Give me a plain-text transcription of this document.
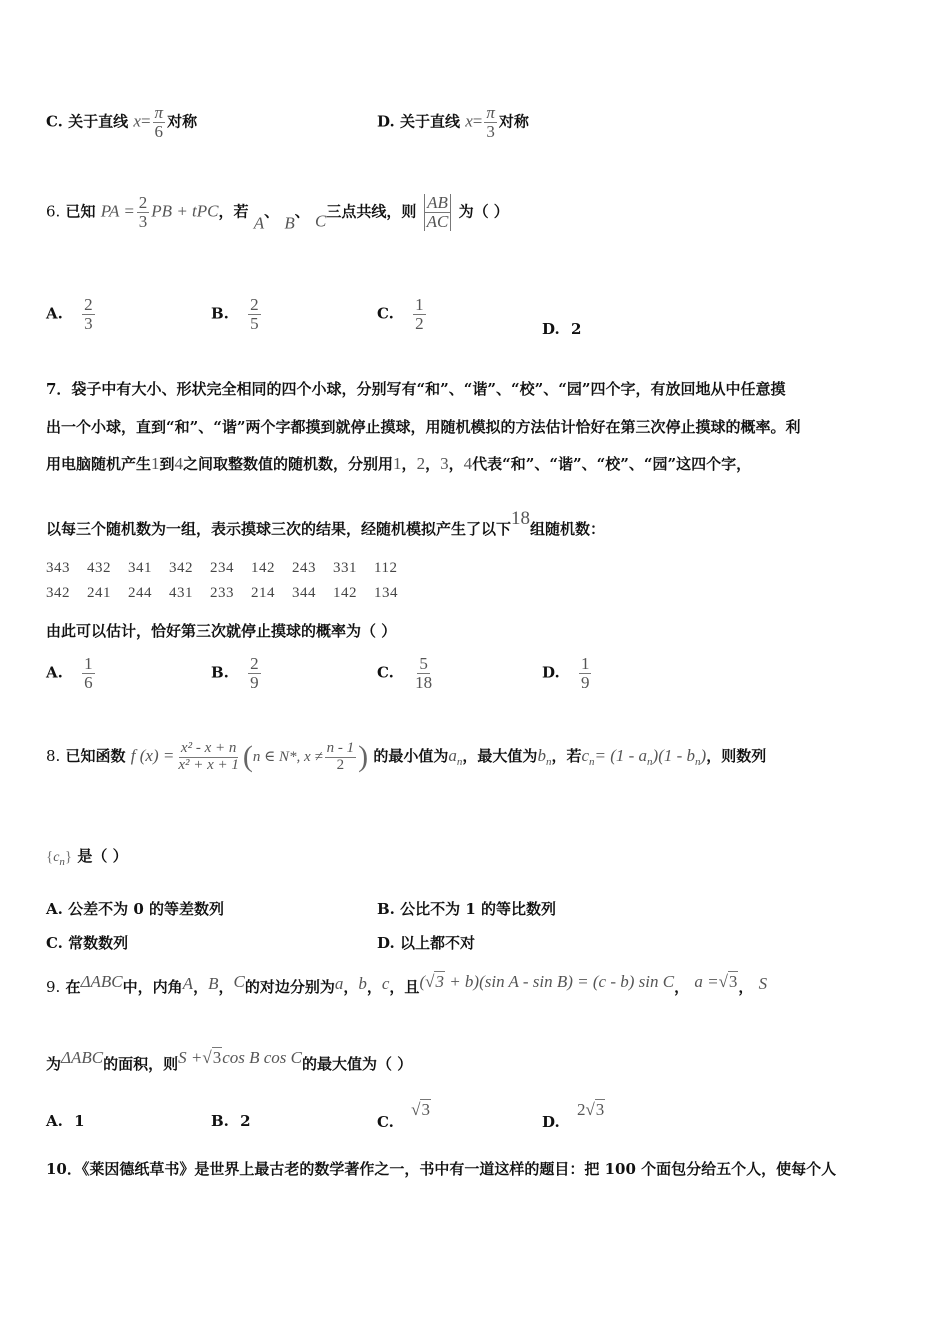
C. 关于直线 $x= \frac{\pi}{6}$ 对称	D. 关于直线 $x= \frac{\pi}{3}$ 对称
6. 已知 PA = $\frac{2}{3}$ PB + tPC，若 A、 B、 C三点共线，则 $\frac{AB}{AC}$ 为（ ）
A. $\frac{2}{3}$	B. $\frac{2}{5}$	C. $\frac{1}{2}$	D. 2
7．袋子中有大小、形状完全相同的四个小球，分别写有“和”、“谐”、“校”、“园”四个字，有放回地从中任意摸
出一个小球，直到“和”、“谐”两个字都摸到就停止摸球，用随机模拟的方法估计恰好在第三次停止摸球的概率。利
用电脑随机产生1到4之间取整数值的随机数，分别用1，2，3，4代表“和”、“谐”、“校”、“园”这四个字，
以每三个随机数为一组，表示摸球三次的结果，经随机模拟产生了以下18组随机数：
343 432 341 342 234 142 243 331 112
342 241 244 431 233 214 344 142 134
由此可以估计，恰好第三次就停止摸球的概率为（ ）
A. $\frac{1}{6}$	B. $\frac{2}{9}$	C. $\frac{5}{18}$	D. $\frac{1}{9}$
8. 已知函数 f $(x) = \frac{\text{x² - x + n}}{\text{x² + x + 1}} (n$ ∈ N*, $x \ne \frac{n - 1}{2}$ ) 的最小值为$a_n$，最大值为$b_n$，若$c_n= (1 - a_n)(1 - b_n)$，则数列
$\{c_n\}$ 是（ ）
A. 公差不为 0 的等差数列	B. 公比不为 1 的等比数列
C. 常数数列	D. 以上都不对
9. 在ΔABC中，内角A，B，C的对边分别为a，b，c，且(√3 + b)(sin A - sin B) = (c - b) sin C， a =√3， S
为ΔABC的面积，则S +√3cos B cos C的最大值为（ ）
A. 1	B. 2	C. √3
D. 2√3
10．《莱因德纸草书》是世界上最古老的数学著作之一，书中有一道这样的题目：把 100 个面包分给五个人，使每个人
